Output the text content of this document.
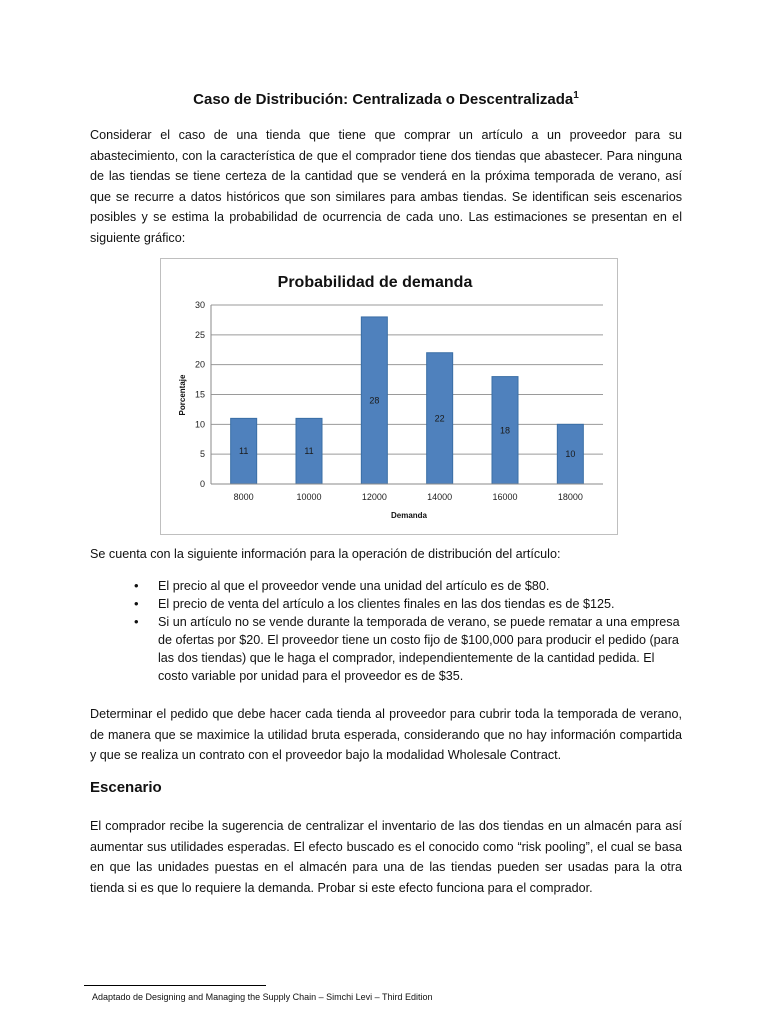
Caso de Distribución: Centralizada o Descentralizada$^1$

Considerar el caso de una tienda que tiene que comprar un artículo a un proveedor para su abastecimiento, con la característica de que el comprador tiene dos tiendas que abastecer. Para ninguna de las tiendas se tiene certeza de la cantidad que se venderá en la próxima temporada de verano, así que se recurre a datos históricos que son similares para ambas tiendas. Se identifican seis escenarios posibles y se estima la probabilidad de ocurrencia de cada uno. Las estimaciones se presentan en el siguiente gráfico:

Se cuenta con la siguiente información para la operación de distribución del artículo:

• El precio al que el proveedor vende una unidad del artículo es de $80.
• El precio de venta del artículo a los clientes finales en las dos tiendas es de $125.
• Si un artículo no se vende durante la temporada de verano, se puede rematar a una empresa de ofertas por $20. El proveedor tiene un costo fijo de $100,000 para producir el pedido (para las dos tiendas) que le haga el comprador, independientemente de la cantidad pedida. El costo variable por unidad para el proveedor es de $35.

Determinar el pedido que debe hacer cada tienda al proveedor para cubrir toda la temporada de verano, de manera que se maximice la utilidad bruta esperada, considerando que no hay información compartida y que se realiza un contrato con el proveedor bajo la modalidad Wholesale Contract.

Escenario

El comprador recibe la sugerencia de centralizar el inventario de las dos tiendas en un almacén para así aumentar sus utilidades esperadas. El efecto buscado es el conocido como “risk pooling”, el cual se basa en que las unidades puestas en el almacén para una de las tiendas pueden ser usadas para la otra tienda si es que lo requiere la demanda. Probar si este efecto funciona para el comprador.

Probabilidad de demanda
11	11
28
22
18
10
0
5
10
15
20
25
30
8000	10000	12000	14000	16000	18000
Porcentaje
Demanda

Adaptado de Designing and Managing the Supply Chain – Simchi Levi – Third Edition
